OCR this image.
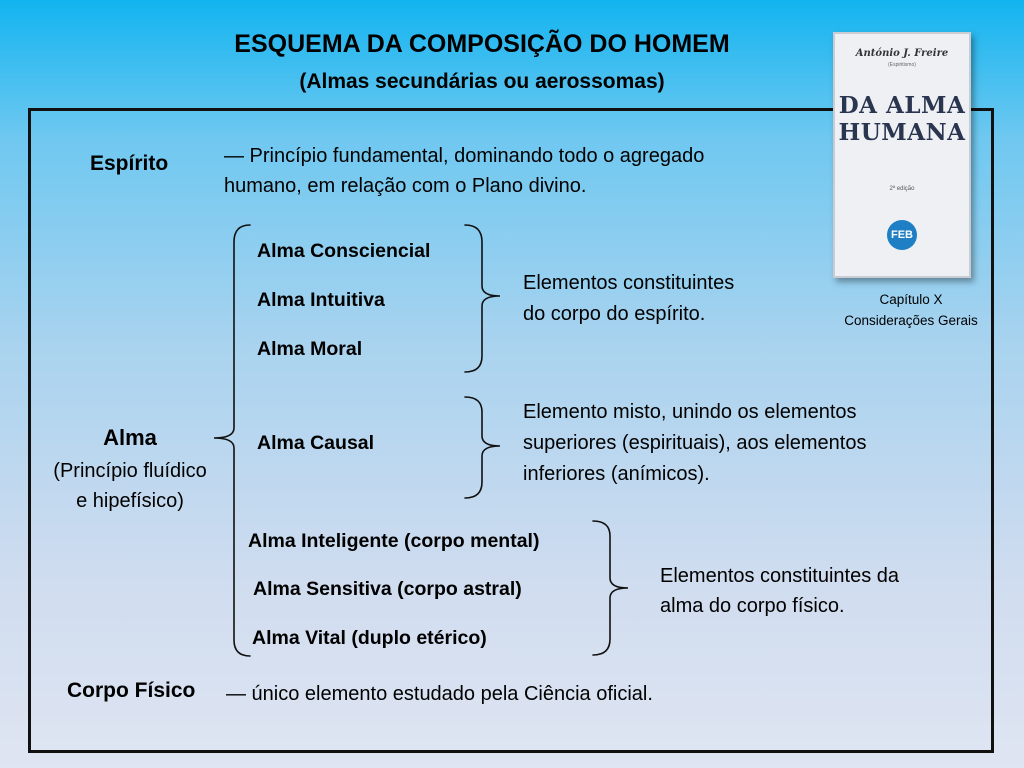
ESQUEMA DA COMPOSIÇÃO DO HOMEM
(Almas secundárias ou aerossomas)
Espírito	— Princípio fundamental, dominando todo o agregado
humano, em relação com o Plano divino.
Alma
(Princípio fluídico
e hipefísico)
Alma Consciencial
Alma Intuitiva
Alma Moral
Elementos constituintes
do corpo do espírito.
Alma Causal
Elemento misto, unindo os elementos
superiores (espirituais), aos elementos
inferiores (anímicos).
Alma Inteligente (corpo mental)
Alma Sensitiva (corpo astral)
Alma Vital (duplo etérico)
Elementos constituintes da
alma do corpo físico.
Corpo Físico — único elemento estudado pela Ciência oficial.
António J. Freire
(Espiritismo)
DA ALMA
HUMANA
2ª edição
FEB
Capítulo X
Considerações Gerais
